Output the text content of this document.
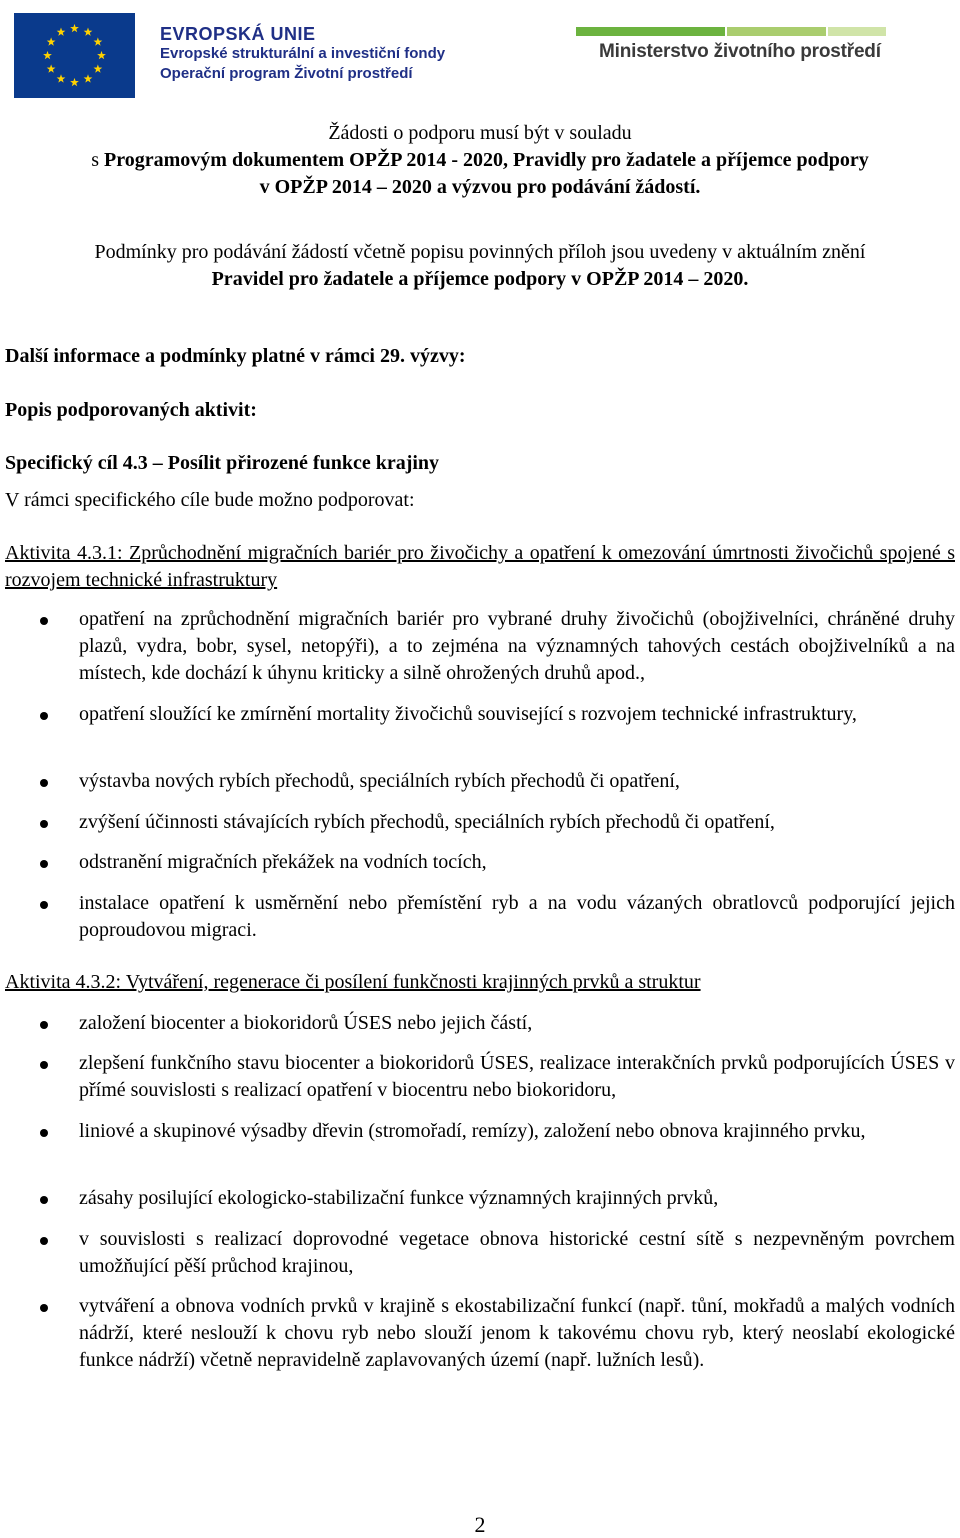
EVROPSKÁ UNIE
Evropské strukturální a investiční fondy
Operační program Životní prostředí
Ministerstvo životního prostředí
Žádosti o podporu musí být v souladu
s Programovým dokumentem OPŽP 2014 - 2020, Pravidly pro žadatele a příjemce podpory
v OPŽP 2014 – 2020 a výzvou pro podávání žádostí.
Podmínky pro podávání žádostí včetně popisu povinných příloh jsou uvedeny v aktuálním znění
Pravidel pro žadatele a příjemce podpory v OPŽP 2014 – 2020.
Další informace a podmínky platné v rámci 29. výzvy:
Popis podporovaných aktivit:
Specifický cíl 4.3 – Posílit přirozené funkce krajiny
V rámci specifického cíle bude možno podporovat:
Aktivita 4.3.1: Zprůchodnění migračních bariér pro živočichy a opatření k omezování úmrtnosti živočichů spojené s rozvojem technické infrastruktury
opatření na zprůchodnění migračních bariér pro vybrané druhy živočichů (obojživelníci, chráněné druhy plazů, vydra, bobr, sysel, netopýři), a to zejména na významných tahových cestách obojživelníků a na místech, kde dochází k úhynu kriticky a silně ohrožených druhů apod.,
opatření sloužící ke zmírnění mortality živočichů související s rozvojem technické infrastruktury,
výstavba nových rybích přechodů, speciálních rybích přechodů či opatření,
zvýšení účinnosti stávajících rybích přechodů, speciálních rybích přechodů či opatření,
odstranění migračních překážek na vodních tocích,
instalace opatření k usměrnění nebo přemístění ryb a na vodu vázaných obratlovců podporující jejich poproudovou migraci.
Aktivita 4.3.2: Vytváření, regenerace či posílení funkčnosti krajinných prvků a struktur
založení biocenter a biokoridorů ÚSES nebo jejich částí,
zlepšení funkčního stavu biocenter a biokoridorů ÚSES, realizace interakčních prvků podporujících ÚSES v přímé souvislosti s realizací opatření v biocentru nebo biokoridoru,
liniové a skupinové výsadby dřevin (stromořadí, remízy), založení nebo obnova krajinného prvku,
zásahy posilující ekologicko-stabilizační funkce významných krajinných prvků,
v souvislosti s realizací doprovodné vegetace obnova historické cestní sítě s nezpevněným povrchem umožňující pěší průchod krajinou,
vytváření a obnova vodních prvků v krajině s ekostabilizační funkcí (např. tůní, mokřadů a malých vodních nádrží, které neslouží k chovu ryb nebo slouží jenom k takovému chovu ryb, který neoslabí ekologické funkce nádrží) včetně nepravidelně zaplavovaných území (např. lužních lesů).
2
